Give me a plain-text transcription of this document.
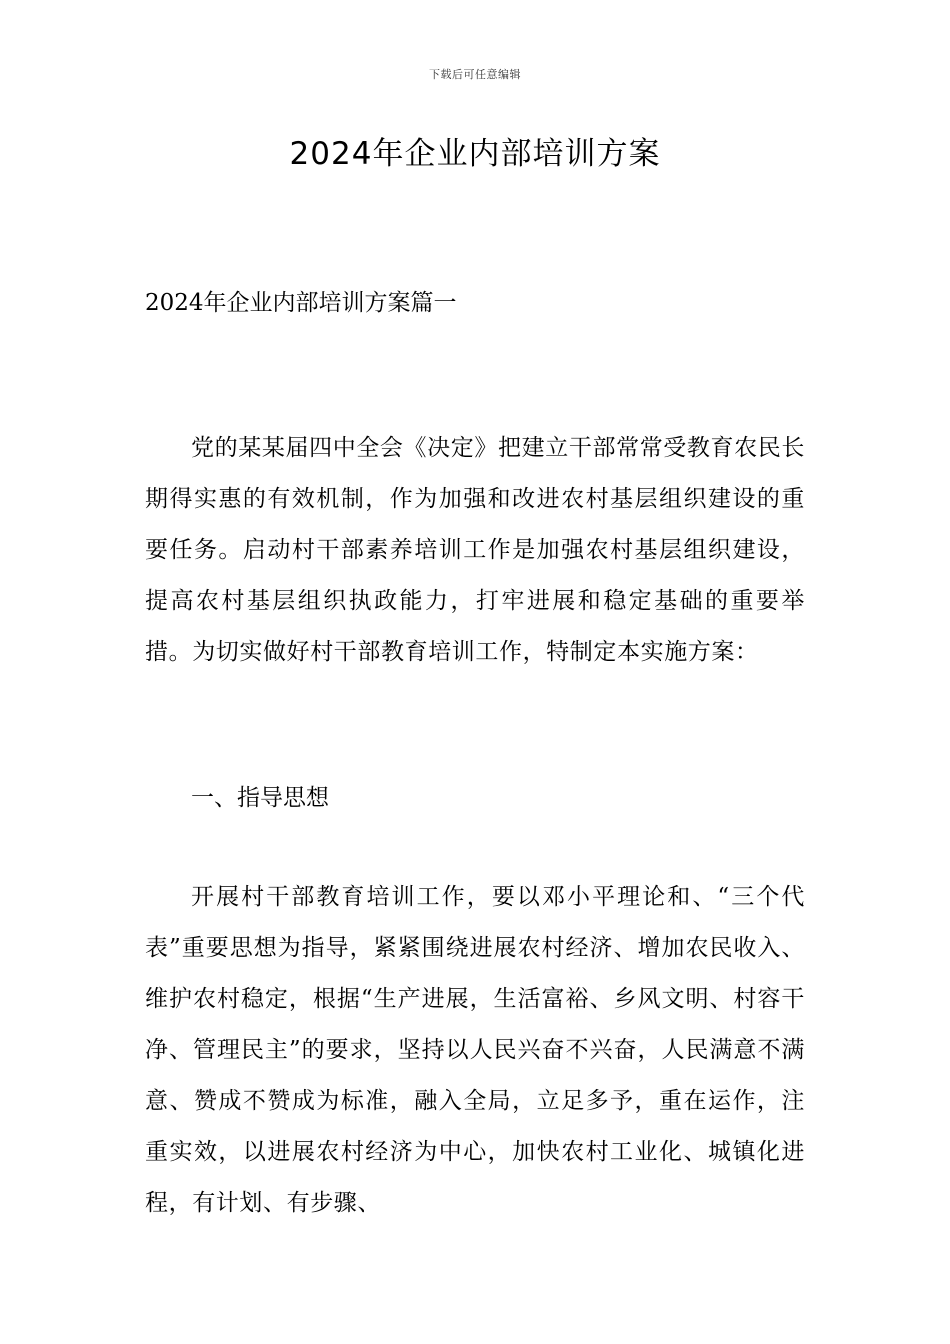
下载后可任意编辑
2024年企业内部培训方案

2024年企业内部培训方案篇一

党的某某届四中全会《决定》把建立干部常常受教育农民长期得实惠的有效机制，作为加强和改进农村基层组织建设的重要任务。启动村干部素养培训工作是加强农村基层组织建设，提高农村基层组织执政能力，打牢进展和稳定基础的重要举措。为切实做好村干部教育培训工作，特制定本实施方案：

一、指导思想

开展村干部教育培训工作，要以邓小平理论和、“三个代表”重要思想为指导，紧紧围绕进展农村经济、增加农民收入、维护农村稳定，根据“生产进展，生活富裕、乡风文明、村容干净、管理民主”的要求，坚持以人民兴奋不兴奋，人民满意不满意、赞成不赞成为标准，融入全局，立足多予，重在运作，注重实效，以进展农村经济为中心，加快农村工业化、城镇化进程，有计划、有步骤、
